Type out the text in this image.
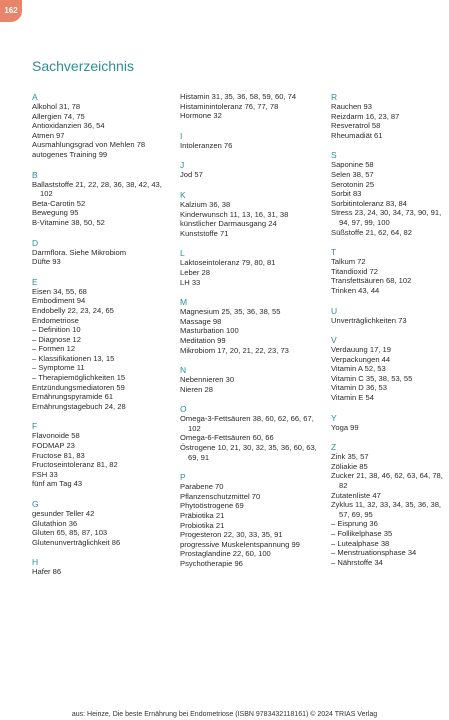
162
Sachverzeichnis
A
Alkohol 31, 78
Allergien 74, 75
Antioxidanzien 36, 54
Atmen 97
Ausmahlungsgrad von Mehlen 78
autogenes Training 99
B
Ballaststoffe 21, 22, 28, 36, 38, 42, 43, 102
Beta-Carotin 52
Bewegung 95
B-Vitamine 38, 50, 52
D
Darmflora. Siehe Mikrobiom
Düfte 93
E
Eisen 34, 55, 68
Embodiment 94
Endobelly 22, 23, 24, 65
Endometriose
– Definition 10
– Diagnose 12
– Formen 12
– Klassifikationen 13, 15
– Symptome 11
– Therapiemöglichkeiten 15
Entzündungsmediatoren 59
Ernährungspyramide 61
Ernährungstagebuch 24, 28
F
Flavonoide 58
FODMAP 23
Fructose 81, 83
Fructoseintoleranz 81, 82
FSH 33
fünf am Tag 43
G
gesunder Teller 42
Glutathion 36
Gluten 65, 85, 87, 103
Glutenunverträglichkeit 86
H
Hafer 86
Histamin 31, 35, 36, 58, 59, 60, 74
Histaminintoleranz 76, 77, 78
Hormone 32
I
Intoleranzen 76
J
Jod 57
K
Kalzium 36, 38
Kinderwunsch 11, 13, 16, 31, 38
künstlicher Darmausgang 24
Kunststoffe 71
L
Laktoseintoleranz 79, 80, 81
Leber 28
LH 33
M
Magnesium 25, 35, 36, 38, 55
Massage 98
Masturbation 100
Meditation 99
Mikrobiom 17, 20, 21, 22, 23, 73
N
Nebennieren 30
Nieren 28
O
Omega-3-Fettsäuren 38, 60, 62, 66, 67, 102
Omega-6-Fettsäuren 60, 66
Östrogene 10, 21, 30, 32, 35, 36, 60, 63, 69, 91
P
Parabene 70
Pflanzenschutzmittel 70
Phytoöstrogene 69
Präbiotika 21
Probiotika 21
Progesteron 22, 30, 33, 35, 91
progressive Muskelentspannung 99
Prostaglandine 22, 60, 100
Psychotherapie 96
R
Rauchen 93
Reizdarm 16, 23, 87
Resveratrol 58
Rheumadiät 61
S
Saponine 58
Selen 38, 57
Serotonin 25
Sorbit 83
Sorbitintoleranz 83, 84
Stress 23, 24, 30, 34, 73, 90, 91, 94, 97, 99, 100
Süßstoffe 21, 62, 64, 82
T
Talkum 72
Titandioxid 72
Transfettsäuren 68, 102
Trinken 43, 44
U
Unverträglichkeiten 73
V
Verdauung 17, 19
Verpackungen 44
Vitamin A 52, 53
Vitamin C 35, 38, 53, 55
Vitamin D 36, 53
Vitamin E 54
Y
Yoga 99
Z
Zink 35, 57
Zöliakie 85
Zucker 21, 38, 46, 62, 63, 64, 78, 82
Zutatenliste 47
Zyklus 11, 32, 33, 34, 35, 36, 38, 57, 69, 95
– Eisprung 36
– Follikelphase 35
– Lutealphase 38
– Menstruationsphase 34
– Nährstoffe 34
aus: Heinze, Die beste Ernährung bei Endometriose (ISBN 9783432118161) © 2024 TRIAS Verlag
